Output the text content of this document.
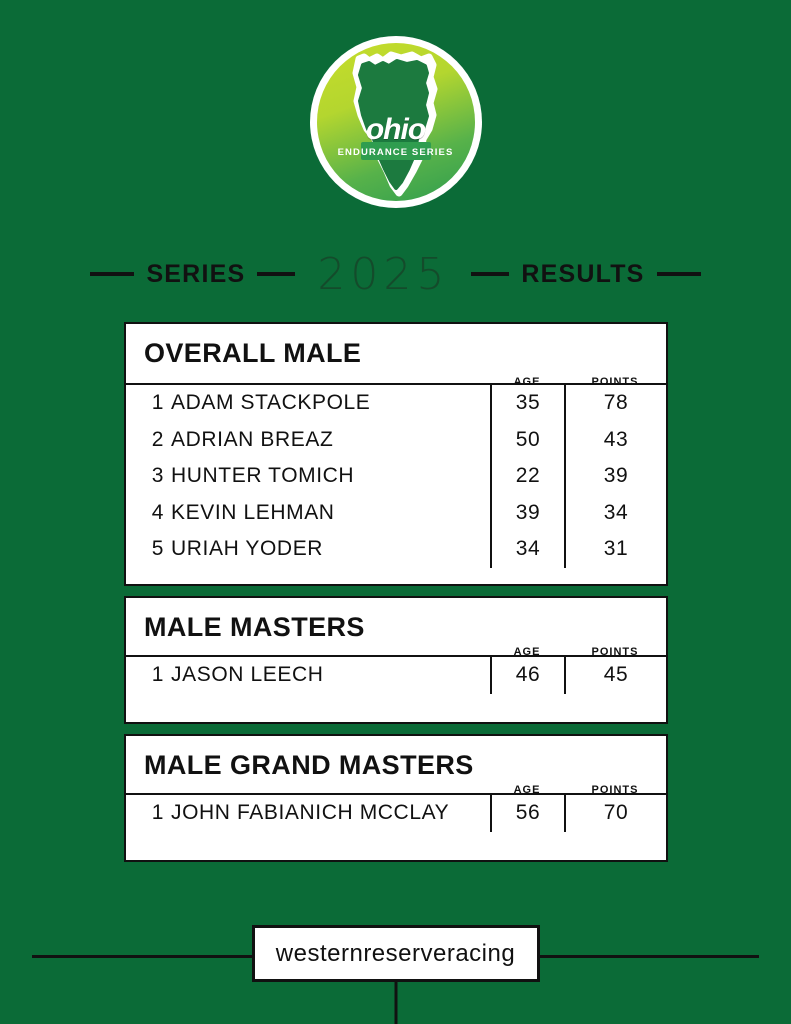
ohio
ENDURANCE SERIES
SERIES 2025	RESULTS
OVERALL MALE
AGE	POINTS
1 ADAM STACKPOLE	35	78
2 ADRIAN BREAZ	50	43
3 HUNTER TOMICH	22	39
4 KEVIN LEHMAN	39	34
5 URIAH YODER	34	31
MALE MASTERS
AGE	POINTS
1 JASON LEECH	46	45
MALE GRAND MASTERS
AGE	POINTS
1 JOHN FABIANICH MCCLAY	56	70
westernreserveracing
